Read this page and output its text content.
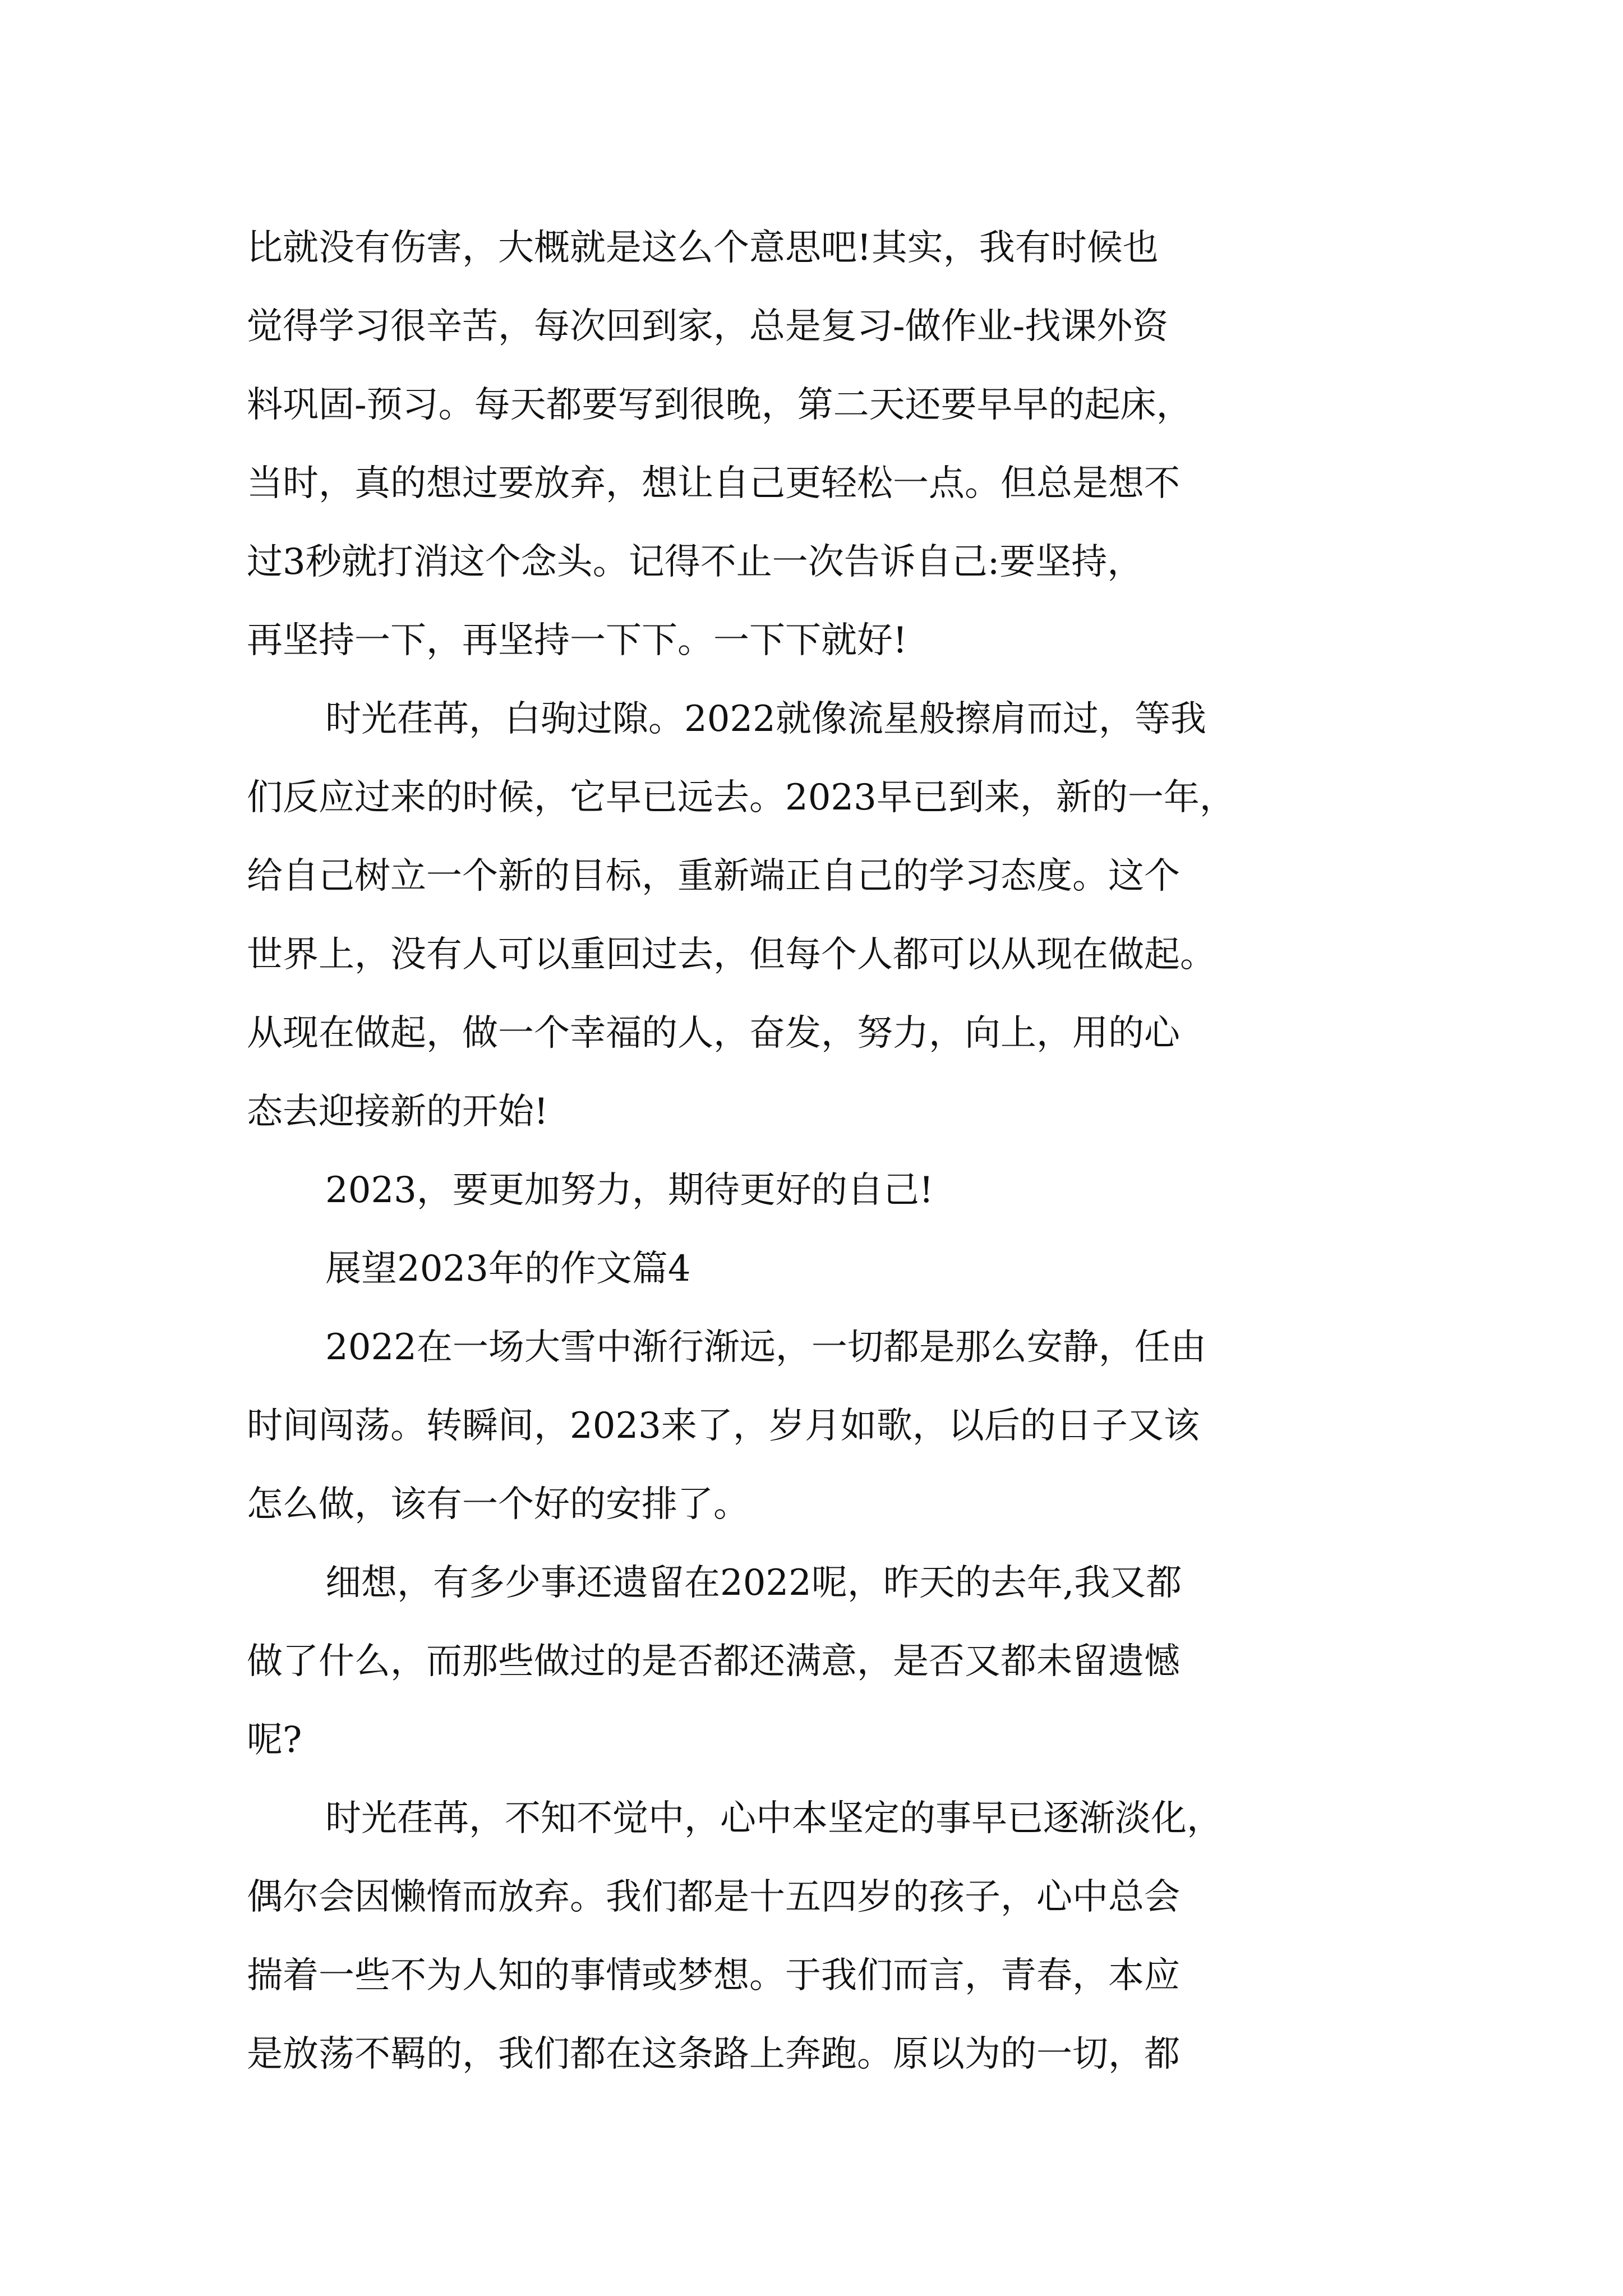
比就没有伤害，大概就是这么个意思吧!其实，我有时候也
觉得学习很辛苦，每次回到家，总是复习-做作业-找课外资
料巩固-预习。每天都要写到很晚，第二天还要早早的起床，
当时，真的想过要放弃，想让自己更轻松一点。但总是想不
过3秒就打消这个念头。记得不止一次告诉自己:要坚持，
再坚持一下，再坚持一下下。一下下就好!
时光荏苒，白驹过隙。2022就像流星般擦肩而过，等我
们反应过来的时候，它早已远去。2023早已到来，新的一年，
给自己树立一个新的目标，重新端正自己的学习态度。这个
世界上，没有人可以重回过去，但每个人都可以从现在做起。
从现在做起，做一个幸福的人，奋发，努力，向上，用的心
态去迎接新的开始!
2023，要更加努力，期待更好的自己!
展望2023年的作文篇4
2022在一场大雪中渐行渐远，一切都是那么安静，任由
时间闯荡。转瞬间，2023来了，岁月如歌，以后的日子又该
怎么做，该有一个好的安排了。
细想，有多少事还遗留在2022呢，昨天的去年,我又都
做了什么，而那些做过的是否都还满意，是否又都未留遗憾
呢?
时光荏苒，不知不觉中，心中本坚定的事早已逐渐淡化，
偶尔会因懒惰而放弃。我们都是十五四岁的孩子，心中总会
揣着一些不为人知的事情或梦想。于我们而言，青春，本应
是放荡不羁的，我们都在这条路上奔跑。原以为的一切，都
